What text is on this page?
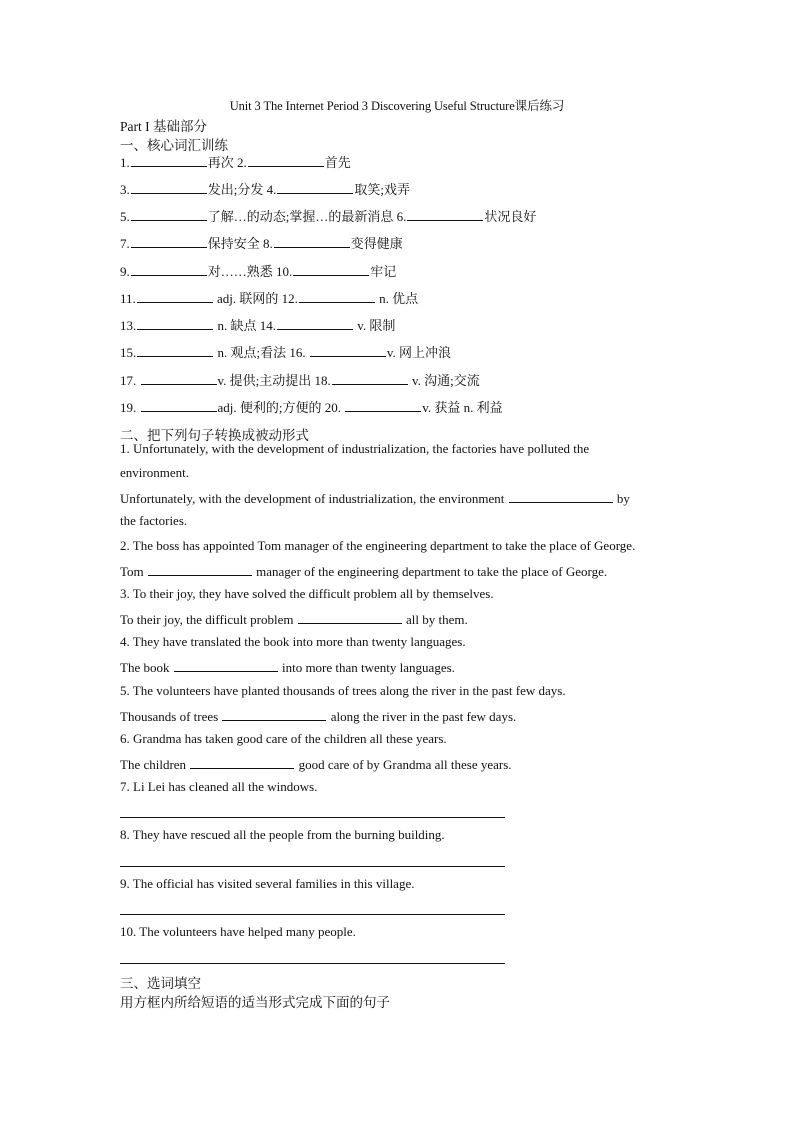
Unit 3 The Internet Period 3 Discovering Useful Structure课后练习
Part I 基础部分
一、核心词汇训练
1.	再次 2.	首先
3.	发出;分发 4.	取笑;戏弄
5.	了解…的动态;掌握…的最新消息 6.	状况良好
7.	保持安全 8.	变得健康
9.	对……熟悉 10.	牢记
11.	adj. 联网的 12.	n. 优点
13.	n. 缺点 14.	v. 限制
15.	n. 观点;看法 16.	v. 网上冲浪
17.	v. 提供;主动提出 18.	v. 沟通;交流
19.	adj. 便利的;方便的 20.	v. 获益 n. 利益
二、把下列句子转换成被动形式
1. Unfortunately, with the development of industrialization, the factories have polluted the
environment.
Unfortunately, with the development of industrialization, the environment	by
the factories.
2. The boss has appointed Tom manager of the engineering department to take the place of George.
Tom	manager of the engineering department to take the place of George.
3. To their joy, they have solved the difficult problem all by themselves.
To their joy, the difficult problem	all by them.
4. They have translated the book into more than twenty languages.
The book	into more than twenty languages.
5. The volunteers have planted thousands of trees along the river in the past few days.
Thousands of trees	along the river in the past few days.
6. Grandma has taken good care of the children all these years.
The children	good care of by Grandma all these years.
7. Li Lei has cleaned all the windows.
8. They have rescued all the people from the burning building.
9. The official has visited several families in this village.
10. The volunteers have helped many people.
三、选词填空
用方框内所给短语的适当形式完成下面的句子
